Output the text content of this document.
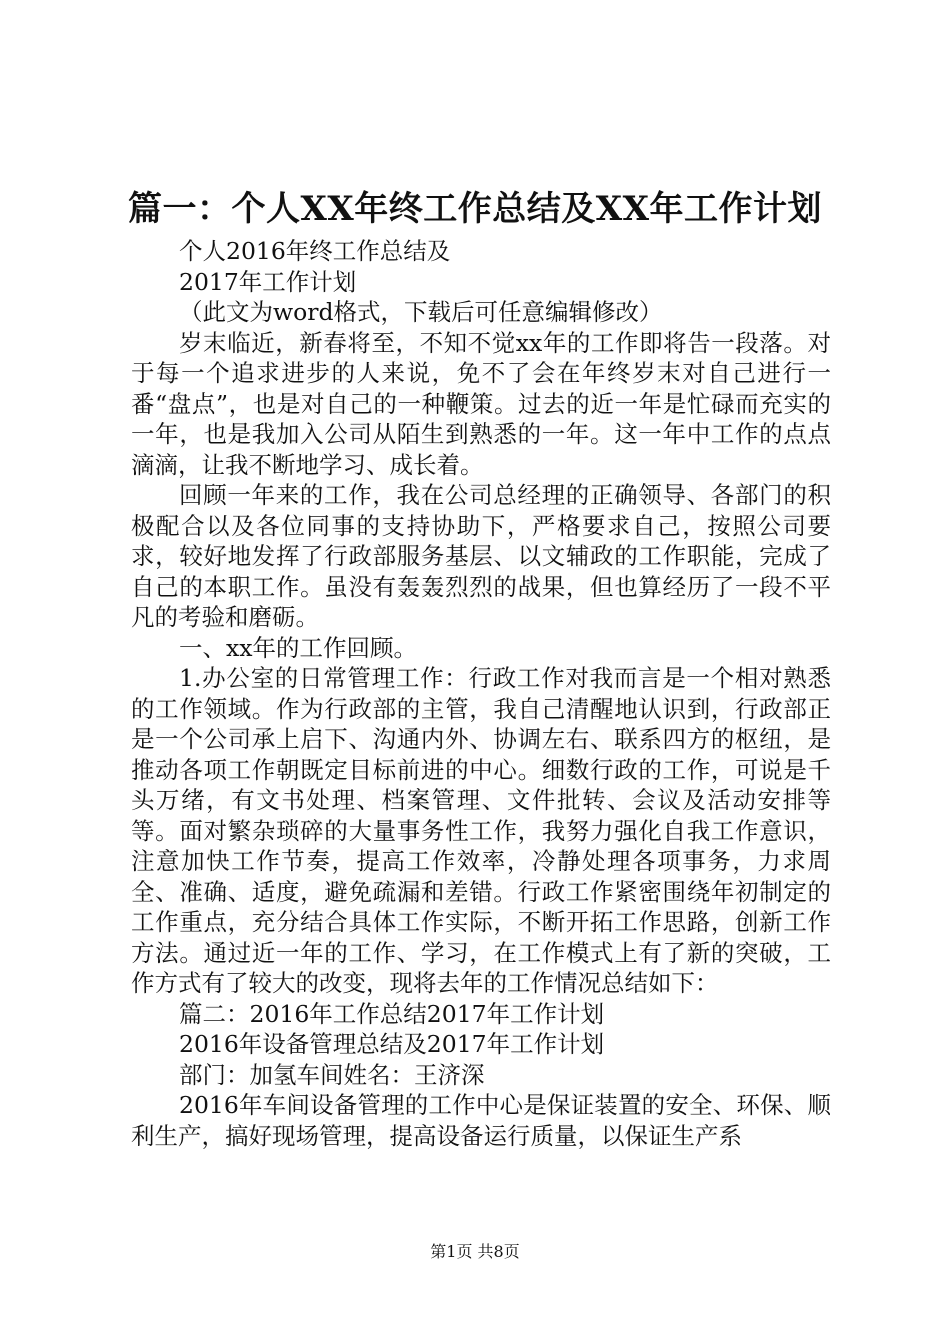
篇一：个人XX年终工作总结及XX年工作计划

个人2016年终工作总结及

2017年工作计划

（此文为word格式，下载后可任意编辑修改）

岁末临近，新春将至，不知不觉xx年的工作即将告一段落。对于每一个追求进步的人来说，免不了会在年终岁末对自己进行一番“盘点”，也是对自己的一种鞭策。过去的近一年是忙碌而充实的一年，也是我加入公司从陌生到熟悉的一年。这一年中工作的点点滴滴，让我不断地学习、成长着。

回顾一年来的工作，我在公司总经理的正确领导、各部门的积极配合以及各位同事的支持协助下，严格要求自己，按照公司要求，较好地发挥了行政部服务基层、以文辅政的工作职能，完成了自己的本职工作。虽没有轰轰烈烈的战果，但也算经历了一段不平凡的考验和磨砺。

一、xx年的工作回顾。

1.办公室的日常管理工作：行政工作对我而言是一个相对熟悉的工作领域。作为行政部的主管，我自己清醒地认识到，行政部正是一个公司承上启下、沟通内外、协调左右、联系四方的枢纽，是推动各项工作朝既定目标前进的中心。细数行政的工作，可说是千头万绪，有文书处理、档案管理、文件批转、会议及活动安排等等。面对繁杂琐碎的大量事务性工作，我努力强化自我工作意识，注意加快工作节奏，提高工作效率，冷静处理各项事务，力求周全、准确、适度，避免疏漏和差错。行政工作紧密围绕年初制定的工作重点，充分结合具体工作实际，不断开拓工作思路，创新工作方法。通过近一年的工作、学习，在工作模式上有了新的突破，工作方式有了较大的改变，现将去年的工作情况总结如下：

篇二：2016年工作总结2017年工作计划

2016年设备管理总结及2017年工作计划

部门：加氢车间姓名：王济深

2016年车间设备管理的工作中心是保证装置的安全、环保、顺利生产，搞好现场管理，提高设备运行质量，以保证生产系

第1页 共8页
